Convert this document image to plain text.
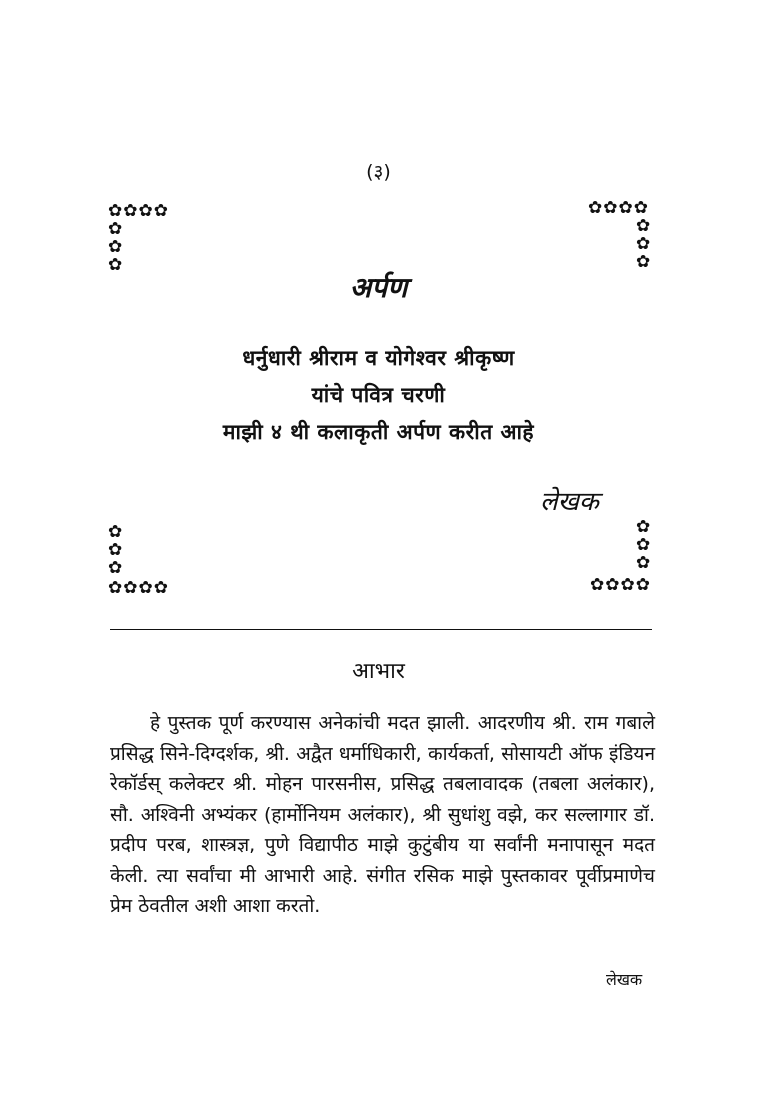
(३)
✿✿✿✿
✿
✿
✿
✿✿✿✿
✿
✿
✿
अर्पण
धर्नुधारी श्रीराम व योगेश्वर श्रीकृष्ण
यांचे पवित्र चरणी
माझी ४ थी कलाकृती अर्पण करीत आहे
लेखक
✿
✿
✿
✿✿✿✿
✿
✿
✿
✿✿✿✿
आभार
हे पुस्तक पूर्ण करण्यास अनेकांची मदत झाली. आदरणीय श्री. राम गबाले प्रसिद्ध सिने-दिग्दर्शक, श्री. अद्वैत धर्माधिकारी, कार्यकर्ता, सोसायटी ऑफ इंडियन रेकॉर्डस् कलेक्टर श्री. मोहन पारसनीस, प्रसिद्ध तबलावादक (तबला अलंकार), सौ. अश्विनी अभ्यंकर (हार्मोनियम अलंकार), श्री सुधांशु वझे, कर सल्लागार डॉ. प्रदीप परब, शास्त्रज्ञ, पुणे विद्यापीठ माझे कुटुंबीय या सर्वांनी मनापासून मदत केली. त्या सर्वांचा मी आभारी आहे. संगीत रसिक माझे पुस्तकावर पूर्वीप्रमाणेच प्रेम ठेवतील अशी आशा करतो.
लेखक
